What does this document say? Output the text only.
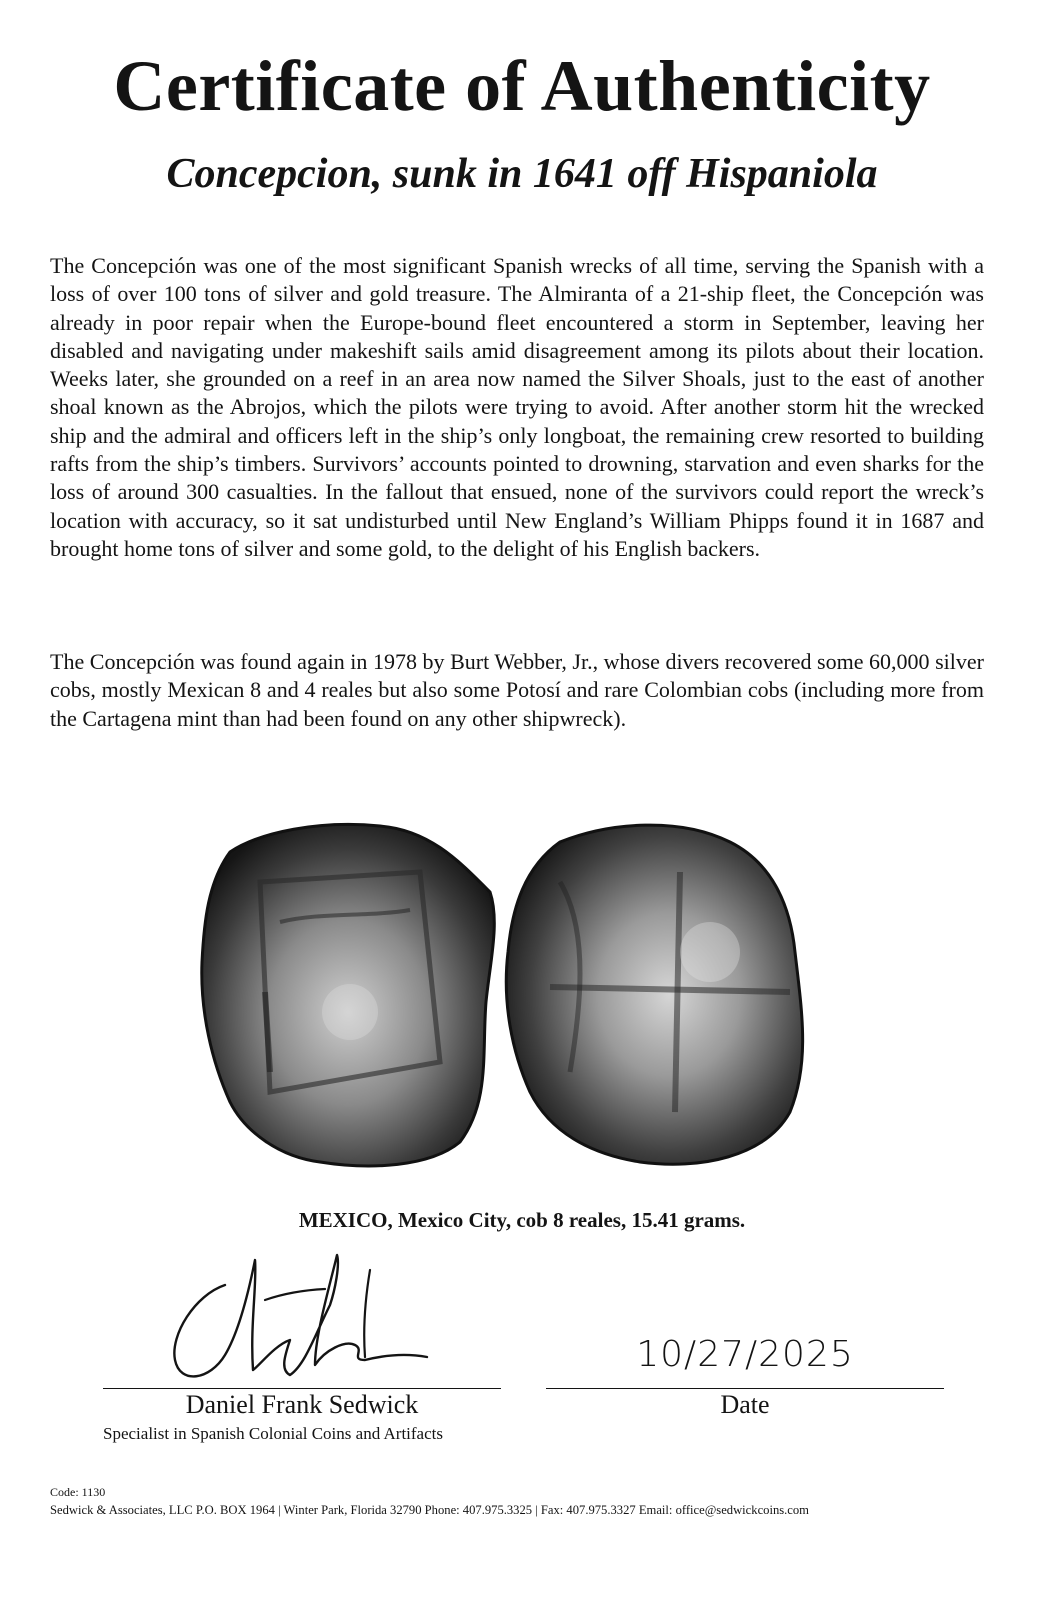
Certificate of Authenticity
Concepcion, sunk in 1641 off Hispaniola

The Concepción was one of the most significant Spanish wrecks of all time, serving the Spanish with a loss of over 100 tons of silver and gold treasure. The Almiranta of a 21-ship fleet, the Concepción was already in poor repair when the Europe-bound fleet encountered a storm in September, leaving her disabled and navigating under makeshift sails amid disagreement among its pilots about their location. Weeks later, she grounded on a reef in an area now named the Silver Shoals, just to the east of another shoal known as the Abrojos, which the pilots were trying to avoid. After another storm hit the wrecked ship and the admiral and officers left in the ship’s only longboat, the remaining crew resorted to building rafts from the ship’s timbers. Survivors’ accounts pointed to drowning, starvation and even sharks for the loss of around 300 casualties. In the fallout that ensued, none of the survivors could report the wreck’s location with accuracy, so it sat undisturbed until New England’s William Phipps found it in 1687 and brought home tons of silver and some gold, to the delight of his English backers.

The Concepción was found again in 1978 by Burt Webber, Jr., whose divers recovered some 60,000 silver cobs, mostly Mexican 8 and 4 reales but also some Potosí and rare Colombian cobs (including more from the Cartagena mint than had been found on any other shipwreck).

MEXICO, Mexico City, cob 8 reales, 15.41 grams.
10/27/2025
Daniel Frank Sedwick	Date
Specialist in Spanish Colonial Coins and Artifacts
Code: 1130
Sedwick & Associates, LLC P.O. BOX 1964 | Winter Park, Florida 32790 Phone: 407.975.3325 | Fax: 407.975.3327 Email: office@sedwickcoins.com
